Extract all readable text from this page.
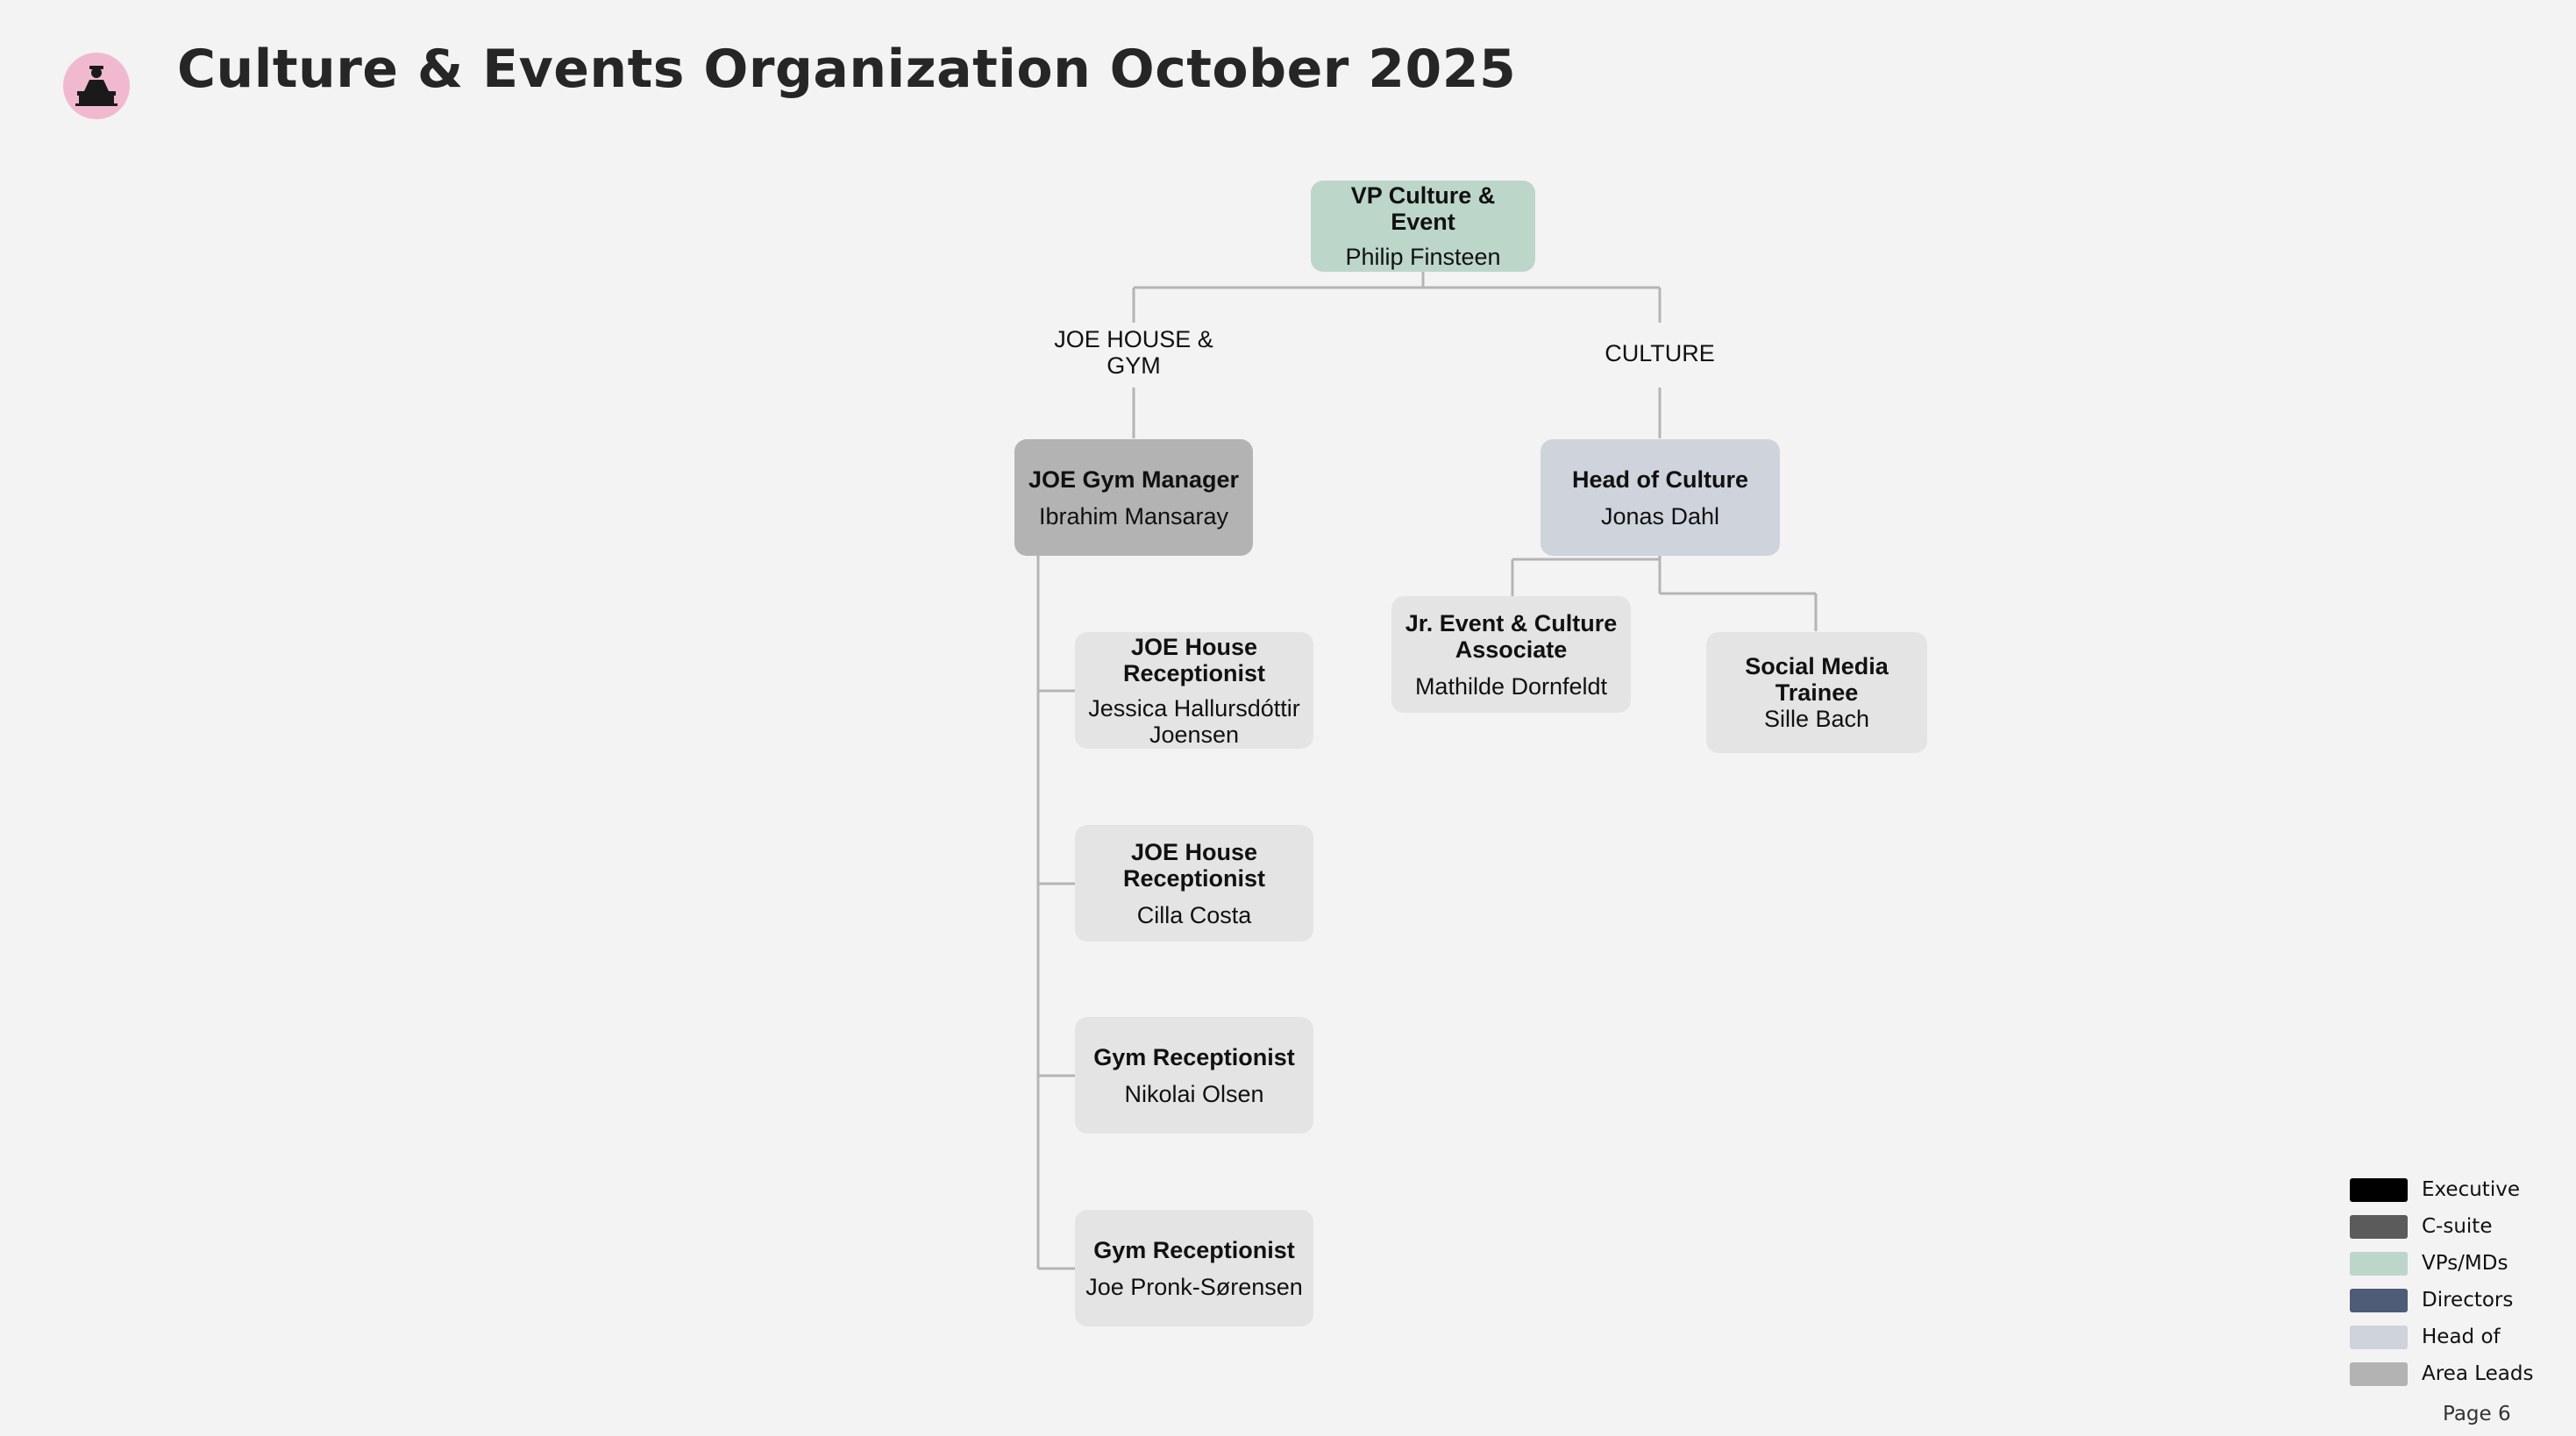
Culture & Events Organization October 2025
VP Culture & Event
Philip Finsteen
JOE HOUSE & GYM	CULTURE
JOE Gym Manager
Ibrahim Mansaray
Head of Culture
Jonas Dahl
JOE House Receptionist
Jessica Hallursdóttir Joensen
JOE House Receptionist
Cilla Costa
Gym Receptionist
Nikolai Olsen
Gym Receptionist
Joe Pronk-Sørensen
Jr. Event & Culture Associate
Mathilde Dornfeldt
Social Media Trainee
Sille Bach
Executive
C-suite
VPs/MDs
Directors
Head of
Area Leads
Page 6
